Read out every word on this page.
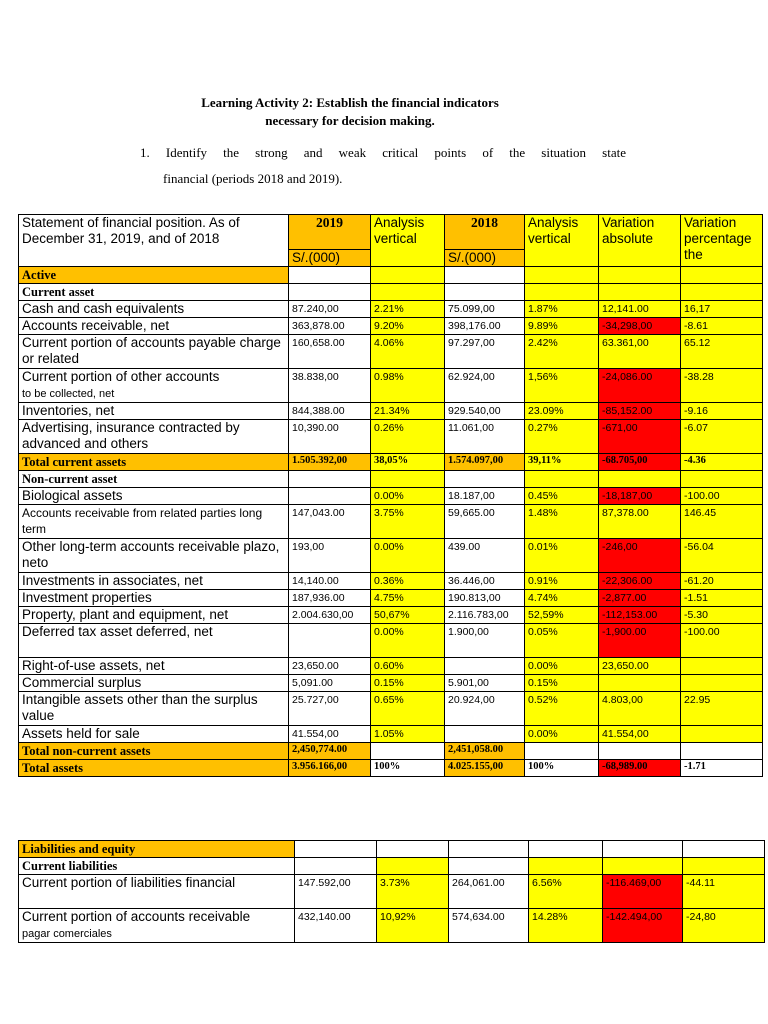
Learning Activity 2: Establish the financial indicators
necessary for decision making.
1. Identify the strong and weak critical points of the situation state
financial (periods 2018 and 2019).
Statement of financial position. As of December 31, 2019, and of 2018	2019	Analysis vertical	2018	Analysis vertical	Variation absolute	Variation percentage the
	S/.(000)		S/.(000)			
Active						
Current asset						
Cash and cash equivalents	87.240,00	2.21%	75.099,00	1.87%	12,141.00	16,17
Accounts receivable, net	363,878.00	9.20%	398,176.00	9.89%	-34,298,00	-8.61
Current portion of accounts payable charge or related	160,658.00	4.06%	97.297,00	2.42%	63.361,00	65.12
Current portion of other accounts
to be collected, net	38.838,00	0.98%	62.924,00	1,56%	-24,086.00	-38.28
Inventories, net	844,388.00	21.34%	929.540,00	23.09%	-85,152.00	-9.16
Advertising, insurance contracted by advanced and others	10,390.00	0.26%	11.061,00	0.27%	-671,00	-6.07
Total current assets	1.505.392,00	38,05%	1.574.097,00	39,11%	-68.705,00	-4.36
Non-current asset						
Biological assets		0.00%	18.187,00	0.45%	-18,187,00	-100.00
Accounts receivable from related parties long term	147,043.00	3.75%	59,665.00	1.48%	87,378.00	146.45
Other long-term accounts receivable plazo, neto	193,00	0.00%	439.00	0.01%	-246,00	-56.04
Investments in associates, net	14,140.00	0.36%	36.446,00	0.91%	-22,306.00	-61.20
Investment properties	187,936.00	4.75%	190.813,00	4.74%	-2,877.00	-1.51
Property, plant and equipment, net	2.004.630,00	50,67%	2.116.783,00	52,59%	-112,153.00	-5.30
Deferred tax asset deferred, net		0.00%	1.900,00	0.05%	-1,900.00	-100.00
Right-of-use assets, net	23,650.00	0.60%		0.00%	23,650.00	
Commercial surplus	5,091.00	0.15%	5.901,00	0.15%		
Intangible assets other than the surplus value	25.727,00	0.65%	20.924,00	0.52%	4.803,00	22.95
Assets held for sale	41.554,00	1.05%		0.00%	41.554,00	
Total non-current assets	2,450,774.00		2,451,058.00			
Total assets	3.956.166,00	100%	4.025.155,00	100%	-68,989.00	-1.71
Liabilities and equity						
Current liabilities						
Current portion of liabilities financial	147.592,00	3.73%	264,061.00	6.56%	-116.469,00	-44.11
Current portion of accounts receivable
pagar comerciales	432,140.00	10,92%	574,634.00	14.28%	-142.494,00	-24,80
